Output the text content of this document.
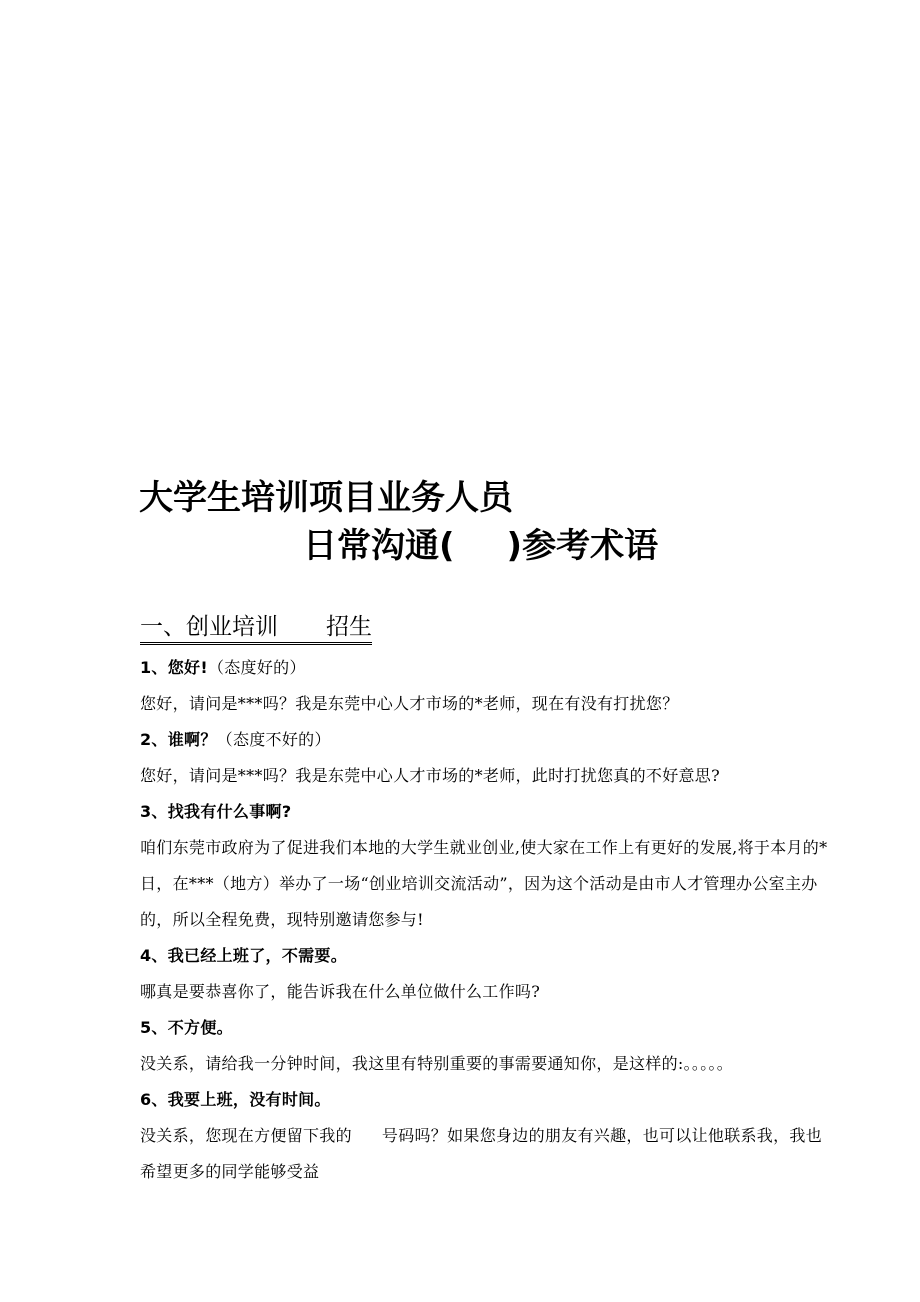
大学生培训项目业务人员
日常沟通( )参考术语
一、创业培训 招生

1、您好!（态度好的）

您好，请问是***吗？我是东莞中心人才市场的*老师，现在有没有打扰您？

2、谁啊？（态度不好的）

您好，请问是***吗？我是东莞中心人才市场的*老师，此时打扰您真的不好意思?

3、找我有什么事啊?

咱们东莞市政府为了促进我们本地的大学生就业创业,使大家在工作上有更好的发展,将于本月的*日，在***（地方）举办了一场“创业培训交流活动”，因为这个活动是由市人才管理办公室主办的，所以全程免费，现特别邀请您参与!

4、我已经上班了，不需要。

哪真是要恭喜你了，能告诉我在什么单位做什么工作吗?

5、不方便。

没关系，请给我一分钟时间，我这里有特别重要的事需要通知你，是这样的:。。。。。

6、我要上班，没有时间。

没关系，您现在方便留下我的 号码吗？如果您身边的朋友有兴趣，也可以让他联系我，我也希望更多的同学能够受益
